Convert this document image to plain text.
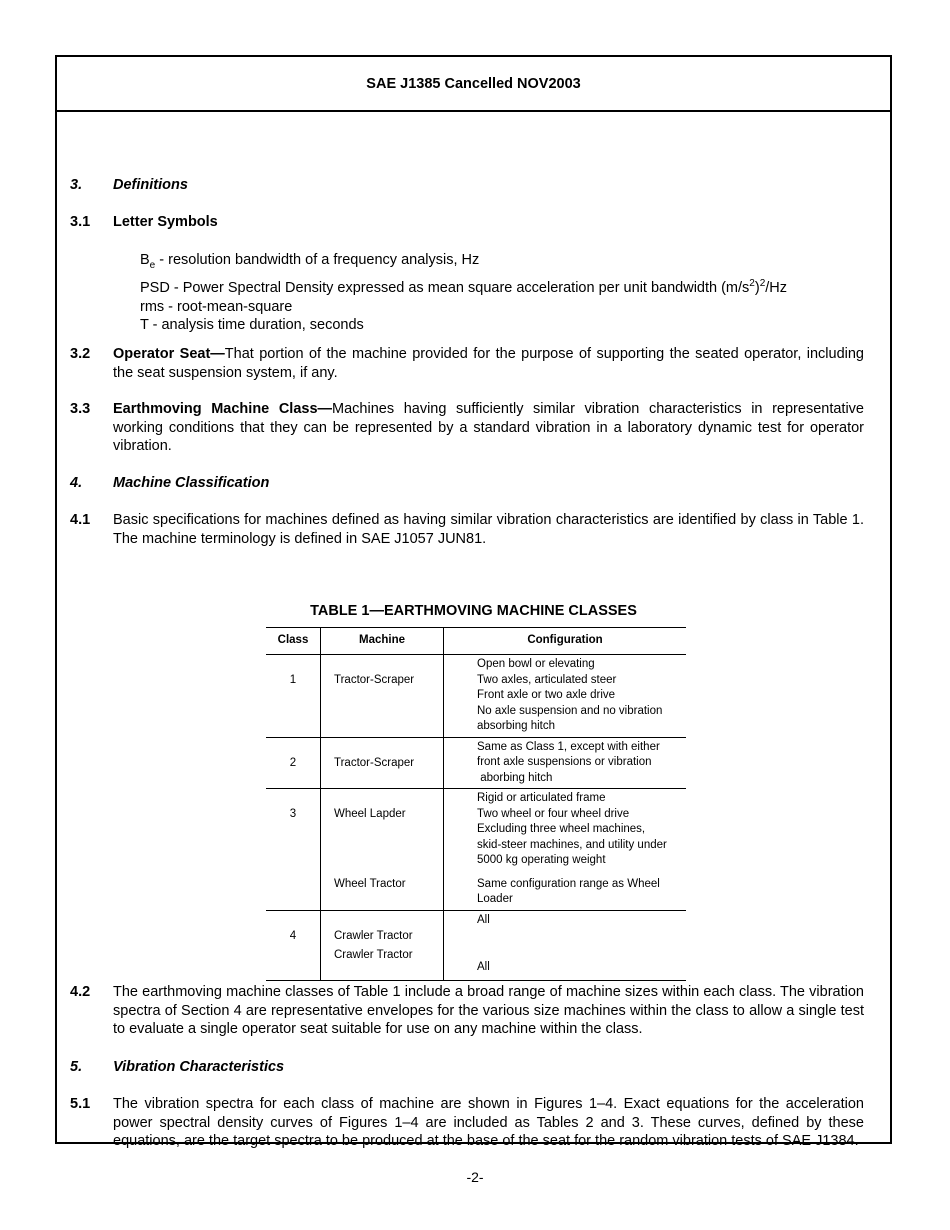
SAE J1385 Cancelled NOV2003
3.	Definitions
3.1	Letter Symbols
$B_e$ - resolution bandwidth of a frequency analysis, Hz
PSD - Power Spectral Density expressed as mean square acceleration per unit bandwidth $(m/s^2)^2/Hz$
rms - root-mean-square
T - analysis time duration, seconds
3.2	Operator Seat—That portion of the machine provided for the purpose of supporting the seated operator, including the seat suspension system, if any.
3.3	Earthmoving Machine Class—Machines having sufficiently similar vibration characteristics in representative working conditions that they can be represented by a standard vibration in a laboratory dynamic test for operator vibration.
4.	Machine Classification
4.1	Basic specifications for machines defined as having similar vibration characteristics are identified by class in Table 1. The machine terminology is defined in SAE J1057 JUN81.
TABLE 1—EARTHMOVING MACHINE CLASSES
Class	Machine	Configuration
1	Tractor-Scraper	Open bowl or elevating
Two axles, articulated steer
Front axle or two axle drive
No axle suspension and no vibration
absorbing hitch

2	Tractor-Scraper	Same as Class 1, except with either
front axle suspensions or vibration
aborbing hitch

3	Wheel Lapder	Rigid or articulated frame
Two wheel or four wheel drive
Excluding three wheel machines,
skid-steer machines, and utility under
5000 kg operating weight

	Wheel Tractor	Same configuration range as Wheel
Loader

4	Crawler Tractor	All

	Crawler Tractor	All
4.2	The earthmoving machine classes of Table 1 include a broad range of machine sizes within each class. The vibration spectra of Section 4 are representative envelopes for the various size machines within the class to allow a single test to evaluate a single operator seat suitable for use on any machine within the class.
5.	Vibration Characteristics
5.1	The vibration spectra for each class of machine are shown in Figures 1–4. Exact equations for the acceleration power spectral density curves of Figures 1–4 are included as Tables 2 and 3. These curves, defined by these equations, are the target spectra to be produced at the base of the seat for the random vibration tests of SAE J1384.
-2-
